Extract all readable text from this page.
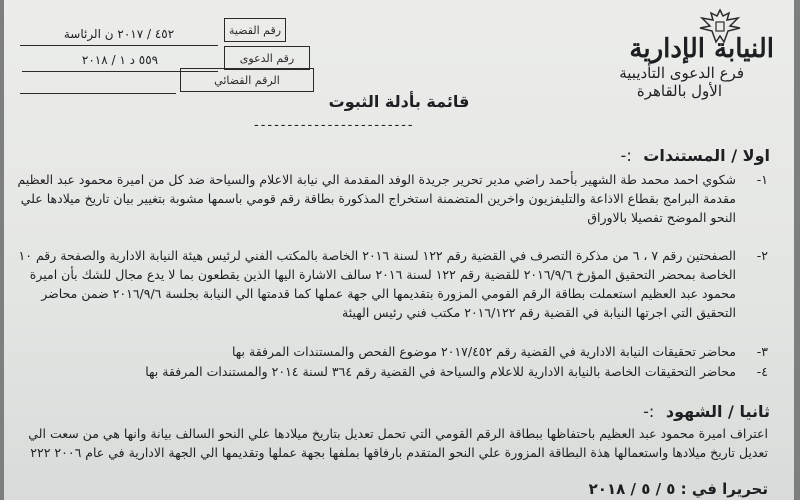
رقم القضية
٤٥٢ / ٢٠١٧ ن الرئاسة
رقم الدعوى
٥٥٩ د ١ / ٢٠١٨
الرقم القضائي
النيابة الإدارية
فرع الدعوى التأديبية
الأول بالقاهرة
قائمة بأدلة الثبوت
------------------------
اولا / المستندات :-
١-
شكوي احمد محمد طة الشهير بأحمد راضي مدير تحرير جريدة الوفد المقدمة الي نيابة الاعلام والسياحة ضد كل من اميرة محمود عبد العظيم مقدمة البرامج بقطاع الاذاعة والتليفزيون واخرين المتضمنة استخراج المذكورة بطاقة رقم قومي باسمها مشوبة بتغيير بيان تاريخ ميلادها علي النحو الموضح تفصيلا بالاوراق
٢-
الصفحتين رقم ٧ ، ٦ من مذكرة التصرف في القضية رقم ١٢٢ لسنة ٢٠١٦ الخاصة بالمكتب الفني لرئيس هيئة النيابة الادارية والصفحة رقم ١٠ الخاصة بمحضر التحقيق المؤرخ ٢٠١٦/٩/٦ للقضية رقم ١٢٢ لسنة ٢٠١٦ سالف الاشارة اليها الذين يقطعون بما لا يدع مجال للشك بأن اميرة محمود عبد العظيم استعملت بطاقة الرقم القومي المزورة بتقديمها الي جهة عملها كما قدمتها الي النيابة بجلسة ٢٠١٦/٩/٦ ضمن محاضر التحقيق التي اجرتها النيابة في القضية رقم ٢٠١٦/١٢٢ مكتب فني رئيس الهيئة
٣-
محاضر تحقيقات النيابة الادارية في القضية رقم ٢٠١٧/٤٥٢ موضوع الفحص والمستندات المرفقة بها
٤-
محاضر التحقيقات الخاصة بالنيابة الادارية للاعلام والسياحة في القضية رقم ٣٦٤ لسنة ٢٠١٤ والمستندات المرفقة بها
ثانيا / الشهود :-
اعتراف اميرة محمود عبد العظيم باحتفاظها ببطاقة الرقم القومي التي تحمل تعديل بتاريخ ميلادها علي النحو السالف بيانة وانها هي من سعت الي تعديل تاريخ ميلادها واستعمالها هذة البطاقة المزورة علي النحو المتقدم بارفاقها بملفها بجهة عملها وتقديمها الي الجهة الادارية في عام ٢٠٠٦ ٢٢٢
تحريرا في : ٥ / ٥ / ٢٠١٨
